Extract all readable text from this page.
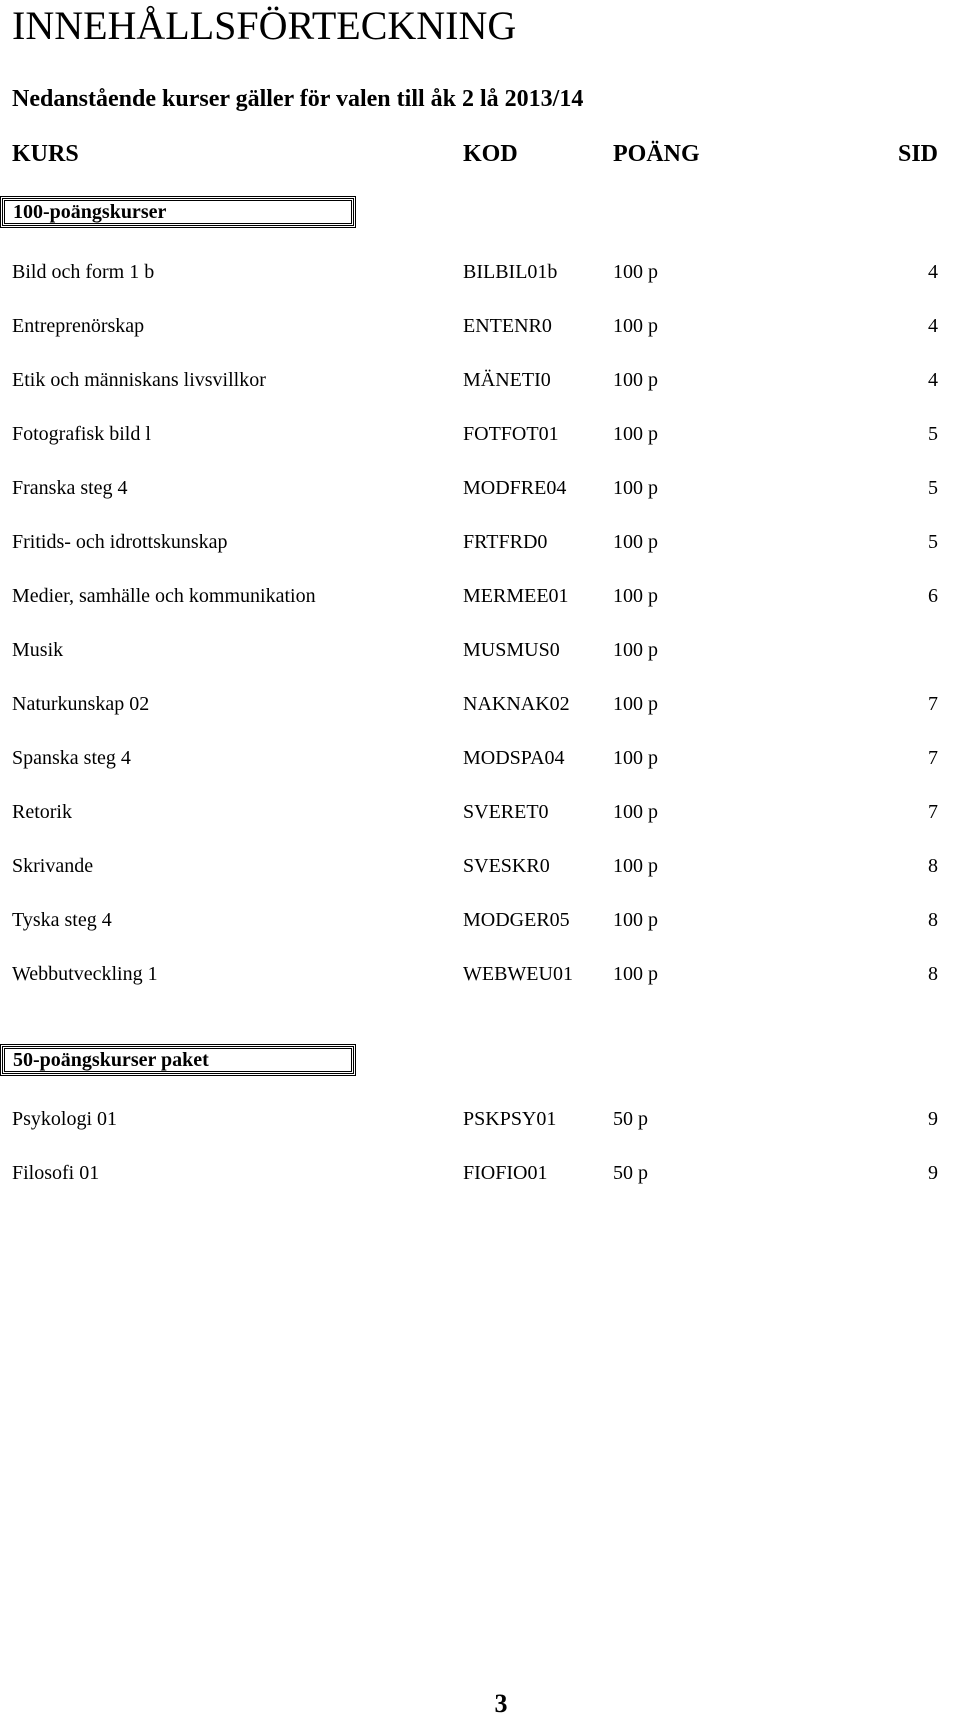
INNEHÅLLSFÖRTECKNING
Nedanstående kurser gäller för valen till åk 2 lå 2013/14
KURS	KOD	POÄNG	SID
100-poängskurser
Bild och form 1 b	BILBIL01b	100 p	4
Entreprenörskap	ENTENR0	100 p	4
Etik och människans livsvillkor	MÄNETI0	100 p	4
Fotografisk bild l	FOTFOT01	100 p	5
Franska steg 4	MODFRE04 100 p	5
Fritids- och idrottskunskap	FRTFRD0	100 p	5
Medier, samhälle och kommunikation	MERMEE01 100 p	6
Musik	MUSMUS0	100 p
Naturkunskap 02	NAKNAK02 100 p	7
Spanska steg 4	MODSPA04 100 p	7
Retorik	SVERET0	100 p	7
Skrivande	SVESKR0	100 p	8
Tyska steg 4	MODGER05 100 p	8
Webbutveckling 1	WEBWEU01 100 p	8
50-poängskurser paket
Psykologi 01	PSKPSY01	50 p	9
Filosofi 01	FIOFIO01	50 p	9
3
